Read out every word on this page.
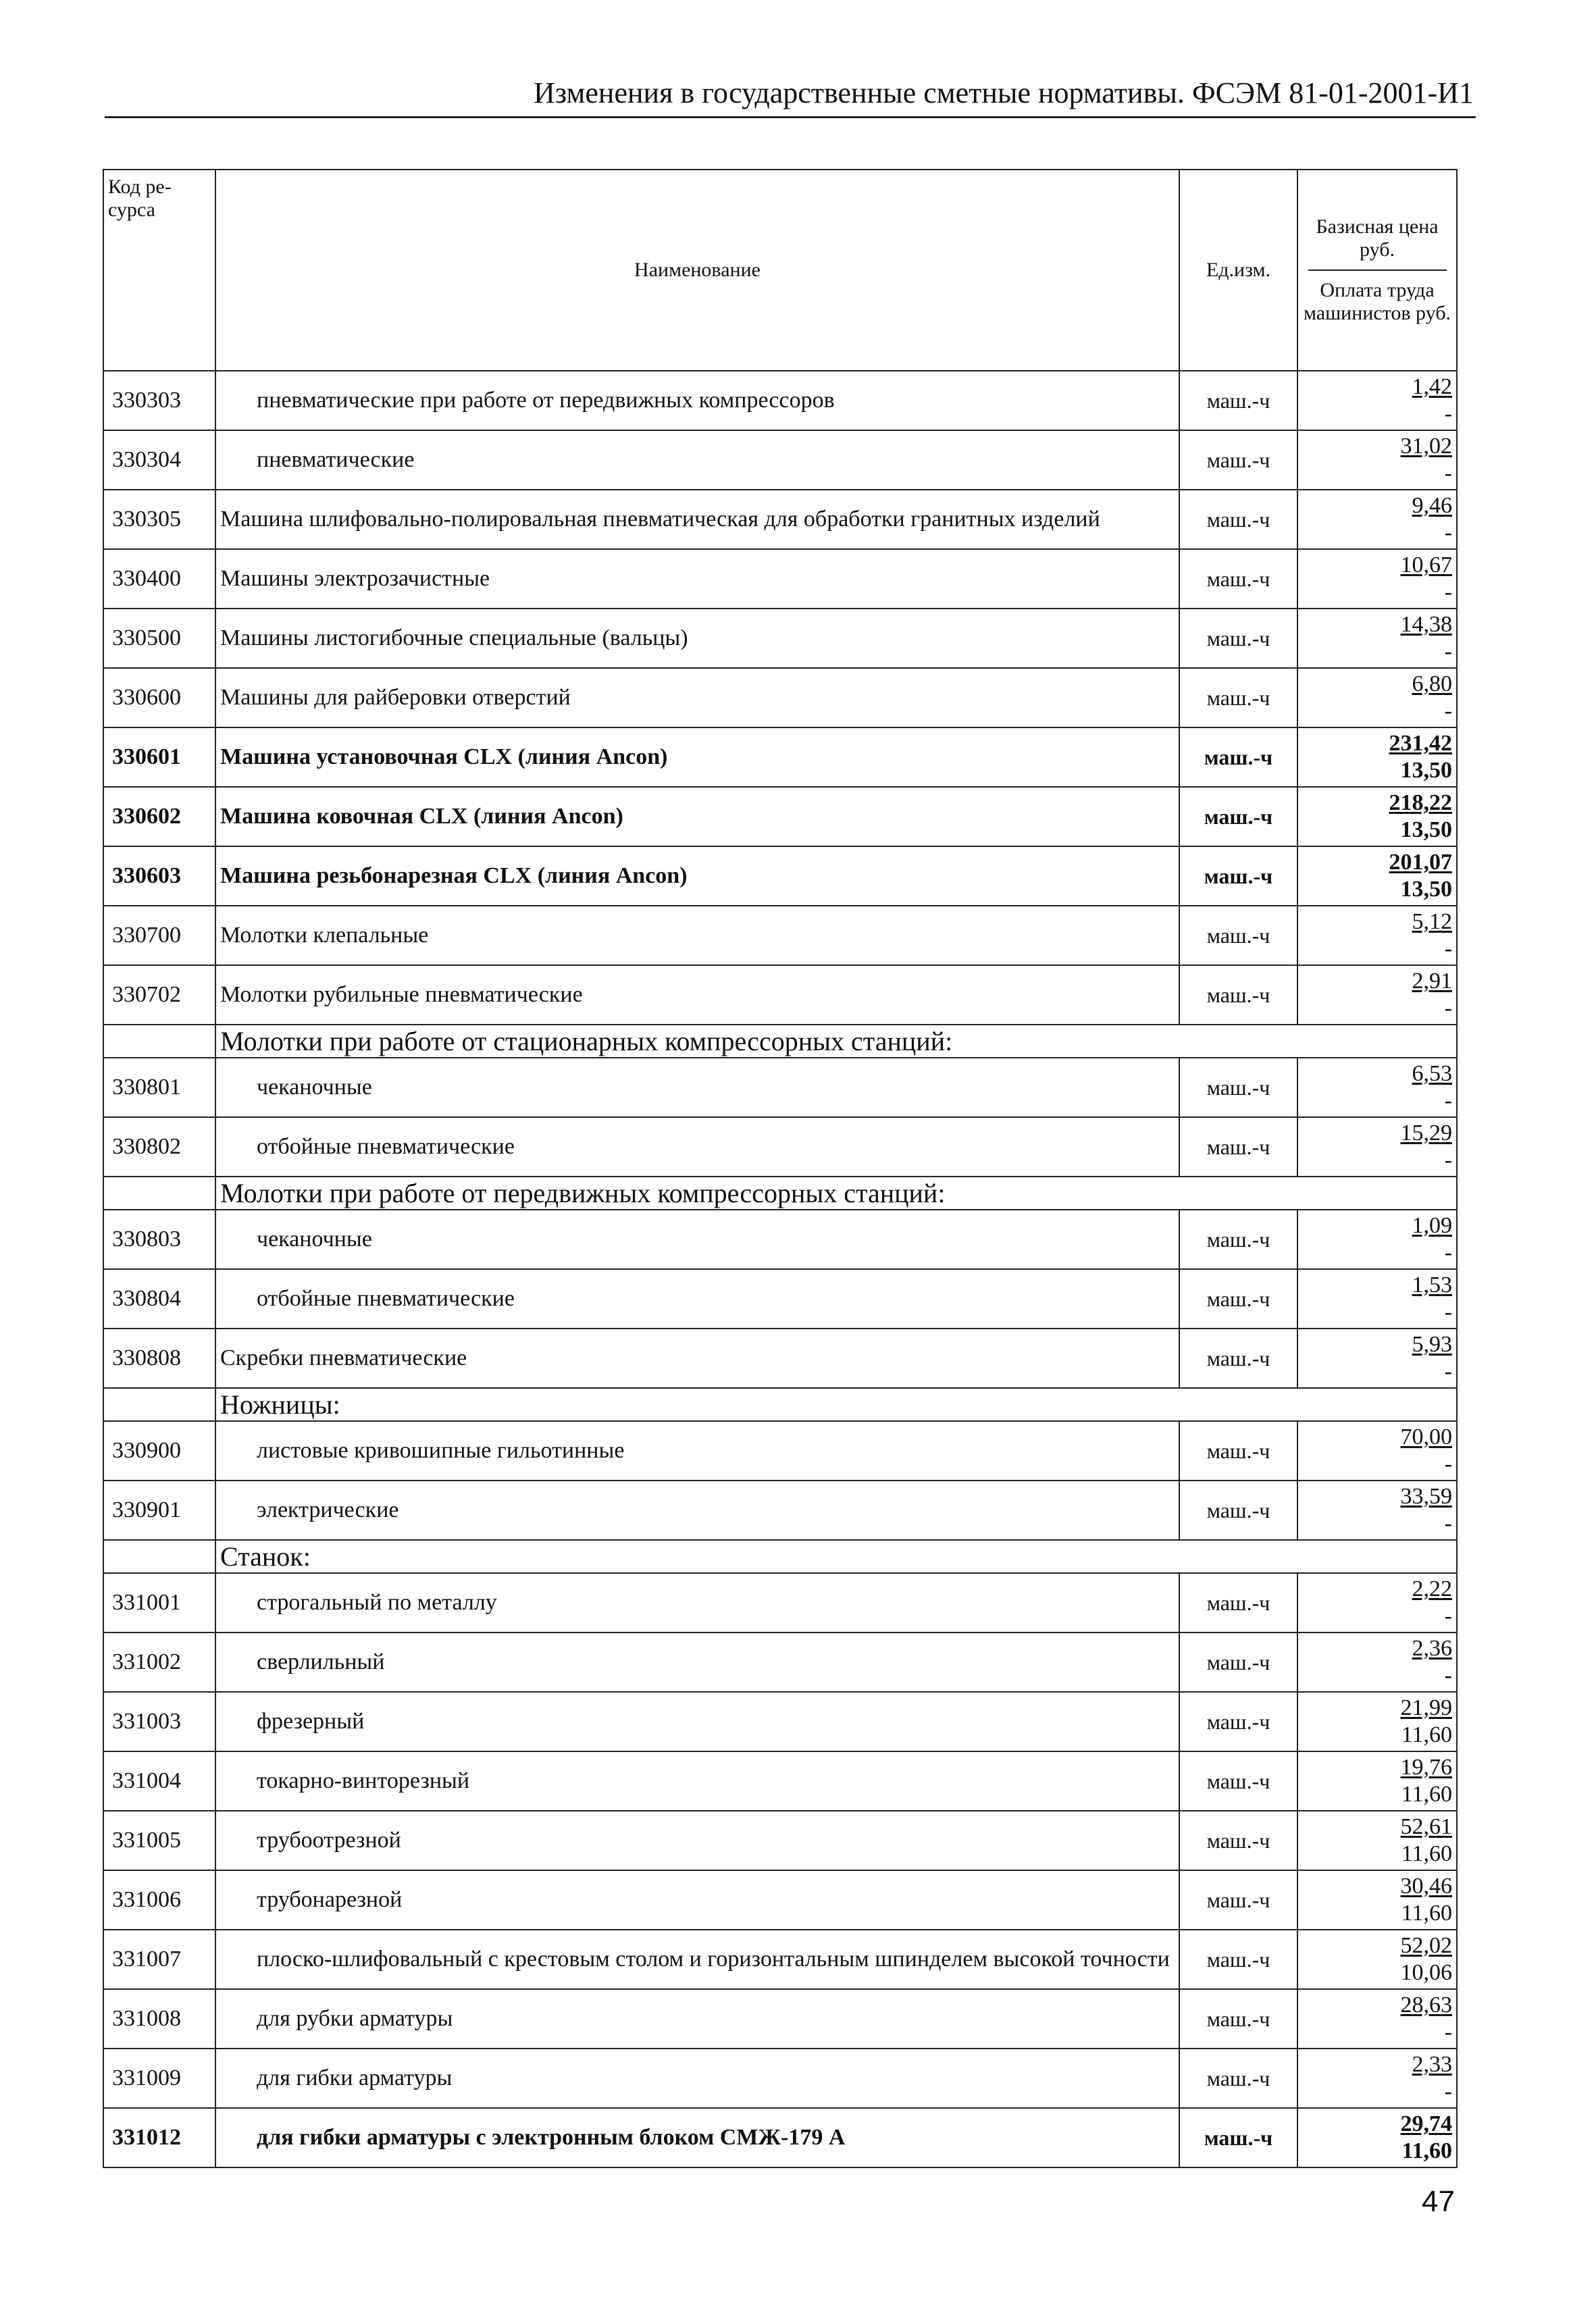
Изменения в государственные сметные нормативы. ФСЭМ 81-01-2001-И1
Код ре-сурса	Наименование	Ед.изм.	Базисная цена руб.
Оплата труда машинистов руб.

330303	пневматические при работе от передвижных компрессоров	маш.-ч	1,42
-

330304	пневматические	маш.-ч	31,02
-

330305	Машина шлифовально-полировальная пневматическая для обработки гранитных изделий	маш.-ч	9,46
-

330400	Машины электрозачистные	маш.-ч	10,67
-

330500	Машины листогибочные специальные (вальцы)	маш.-ч	14,38
-

330600	Машины для райберовки отверстий	маш.-ч	6,80
-

330601	Машина установочная CLX (линия Ancon)	маш.-ч	231,42
13,50

330602	Машина ковочная CLX (линия Ancon)	маш.-ч	218,22
13,50

330603	Машина резьбонарезная CLX (линия Ancon)	маш.-ч	201,07
13,50

330700	Молотки клепальные	маш.-ч	5,12
-

330702	Молотки рубильные пневматические	маш.-ч	2,91
-

	Молотки при работе от стационарных компрессорных станций:		
330801	чеканочные	маш.-ч	6,53
-

330802	отбойные пневматические	маш.-ч	15,29
-

	Молотки при работе от передвижных компрессорных станций:		
330803	чеканочные	маш.-ч	1,09
-

330804	отбойные пневматические	маш.-ч	1,53
-

330808	Скребки пневматические	маш.-ч	5,93
-

	Ножницы:		
330900	листовые кривошипные гильотинные	маш.-ч	70,00
-

330901	электрические	маш.-ч	33,59
-

	Станок:		
331001	строгальный по металлу	маш.-ч	2,22
-

331002	сверлильный	маш.-ч	2,36
-

331003	фрезерный	маш.-ч	21,99
11,60

331004	токарно-винторезный	маш.-ч	19,76
11,60

331005	трубоотрезной	маш.-ч	52,61
11,60

331006	трубонарезной	маш.-ч	30,46
11,60

331007	плоско-шлифовальный с крестовым столом и горизонтальным шпинделем высокой точности	маш.-ч	52,02
10,06

331008	для рубки арматуры	маш.-ч	28,63
-

331009	для гибки арматуры	маш.-ч	2,33
-

331012	для гибки арматуры с электронным блоком СМЖ-179 А	маш.-ч	29,74
11,60
47
